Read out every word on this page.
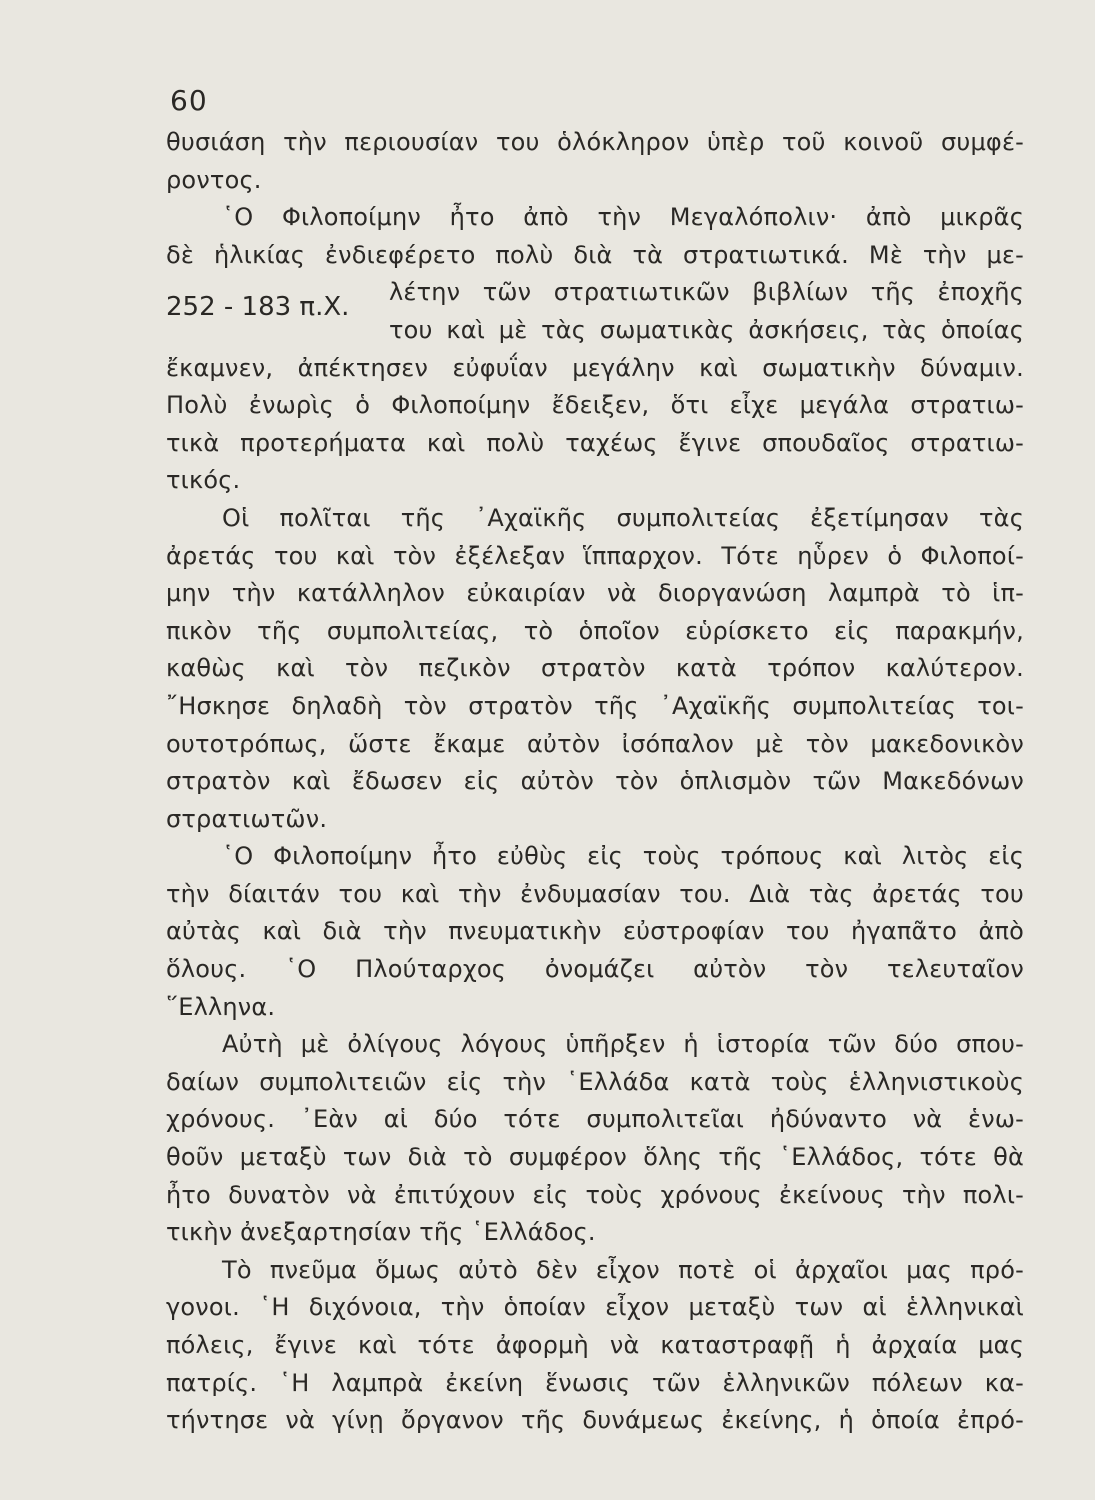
60
252 - 183 π.Χ.
θυσιάση τὴν περιουσίαν του ὁλόκληρον ὑπὲρ τοῦ κοινοῦ συμφέ-
ροντος.
῾Ο Φιλοποίμην ἦτο ἀπὸ τὴν Μεγαλόπολιν· ἀπὸ μικρᾶς
δὲ ἡλικίας ἐνδιεφέρετο πολὺ διὰ τὰ στρατιωτικά. Μὲ τὴν με-
λέτην τῶν στρατιωτικῶν βιβλίων τῆς ἐποχῆς
του καὶ μὲ τὰς σωματικὰς ἀσκήσεις, τὰς ὁποίας
ἔκαμνεν, ἀπέκτησεν εὐφυΐαν μεγάλην καὶ σωματικὴν δύναμιν.
Πολὺ ἐνωρὶς ὁ Φιλοποίμην ἔδειξεν, ὅτι εἶχε μεγάλα στρατιω-
τικὰ προτερήματα καὶ πολὺ ταχέως ἔγινε σπουδαῖος στρατιω-
τικός.
Οἱ πολῖται τῆς ᾿Αχαϊκῆς συμπολιτείας ἐξετίμησαν τὰς
ἀρετάς του καὶ τὸν ἐξέλεξαν ἵππαρχον. Τότε ηὗρεν ὁ Φιλοποί-
μην τὴν κατάλληλον εὐκαιρίαν νὰ διοργανώση λαμπρὰ τὸ ἱπ-
πικὸν τῆς συμπολιτείας, τὸ ὁποῖον εὑρίσκετο εἰς παρακμήν,
καθὼς καὶ τὸν πεζικὸν στρατὸν κατὰ τρόπον καλύτερον.
῎Ησκησε δηλαδὴ τὸν στρατὸν τῆς ᾿Αχαϊκῆς συμπολιτείας τοι-
ουτοτρόπως, ὥστε ἔκαμε αὐτὸν ἰσόπαλον μὲ τὸν μακεδονικὸν
στρατὸν καὶ ἔδωσεν εἰς αὐτὸν τὸν ὁπλισμὸν τῶν Μακεδόνων
στρατιωτῶν.
῾Ο Φιλοποίμην ἦτο εὐθὺς εἰς τοὺς τρόπους καὶ λιτὸς εἰς
τὴν δίαιτάν του καὶ τὴν ἐνδυμασίαν του. Διὰ τὰς ἀρετάς του
αὐτὰς καὶ διὰ τὴν πνευματικὴν εὐστροφίαν του ἠγαπᾶτο ἀπὸ
ὅλους. ῾Ο Πλούταρχος ὀνομάζει αὐτὸν τὸν τελευταῖον
῞Ελληνα.
Αὐτὴ μὲ ὀλίγους λόγους ὑπῆρξεν ἡ ἱστορία τῶν δύο σπου-
δαίων συμπολιτειῶν εἰς τὴν ῾Ελλάδα κατὰ τοὺς ἑλληνιστικοὺς
χρόνους. ᾿Εὰν αἱ δύο τότε συμπολιτεῖαι ἠδύναντο νὰ ἑνω-
θοῦν μεταξὺ των διὰ τὸ συμφέρον ὅλης τῆς ῾Ελλάδος, τότε θὰ
ἦτο δυνατὸν νὰ ἐπιτύχουν εἰς τοὺς χρόνους ἐκείνους τὴν πολι-
τικὴν ἀνεξαρτησίαν τῆς ῾Ελλάδος.
Τὸ πνεῦμα ὅμως αὐτὸ δὲν εἶχον ποτὲ οἱ ἀρχαῖοι μας πρό-
γονοι. ῾Η διχόνοια, τὴν ὁποίαν εἶχον μεταξὺ των αἱ ἑλληνικαὶ
πόλεις, ἔγινε καὶ τότε ἀφορμὴ νὰ καταστραφῇ ἡ ἀρχαία μας
πατρίς. ῾Η λαμπρὰ ἐκείνη ἕνωσις τῶν ἑλληνικῶν πόλεων κα-
τήντησε νὰ γίνῃ ὄργανον τῆς δυνάμεως ἐκείνης, ἡ ὁποία ἐπρό-
